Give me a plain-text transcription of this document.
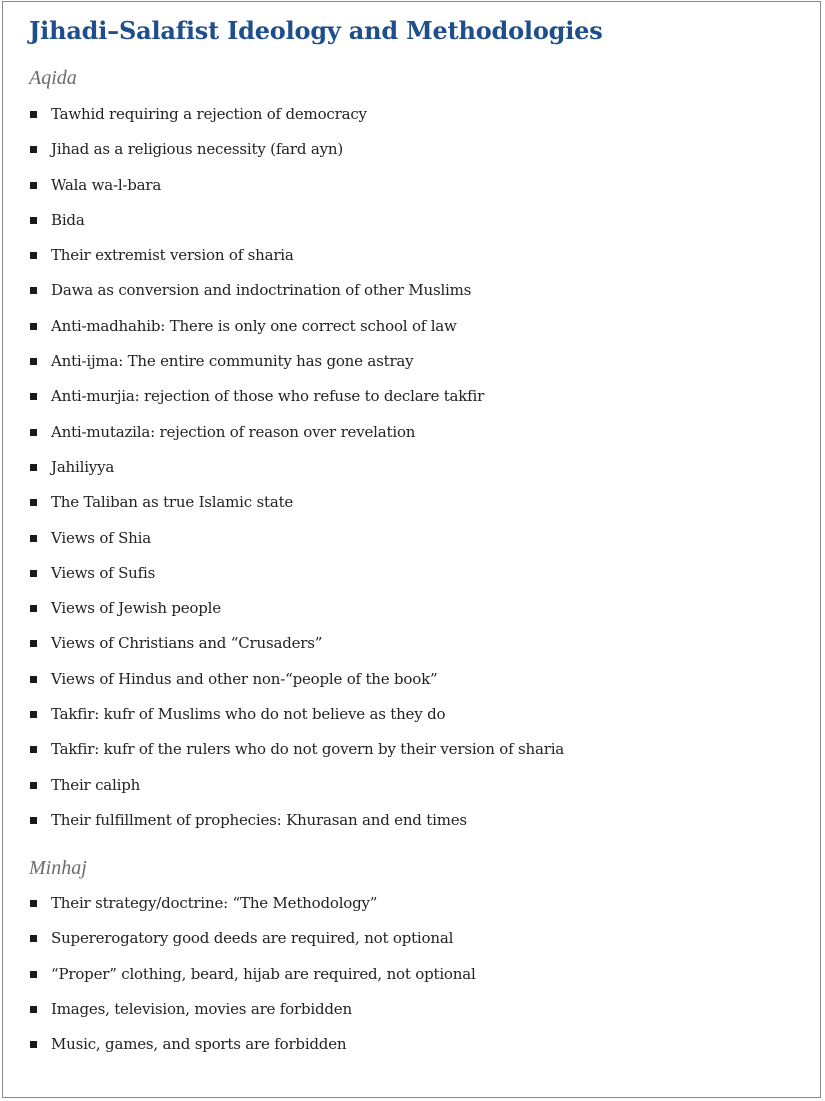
Jihadi–Salafist Ideology and Methodologies
Aqida
Tawhid requiring a rejection of democracy
Jihad as a religious necessity (fard ayn)
Wala wa-l-bara
Bida
Their extremist version of sharia
Dawa as conversion and indoctrination of other Muslims
Anti-madhahib: There is only one correct school of law
Anti-ijma: The entire community has gone astray
Anti-murjia: rejection of those who refuse to declare takfir
Anti-mutazila: rejection of reason over revelation
Jahiliyya
The Taliban as true Islamic state
Views of Shia
Views of Sufis
Views of Jewish people
Views of Christians and “Crusaders”
Views of Hindus and other non-“people of the book”
Takfir: kufr of Muslims who do not believe as they do
Takfir: kufr of the rulers who do not govern by their version of sharia
Their caliph
Their fulfillment of prophecies: Khurasan and end times
Minhaj
Their strategy/doctrine: “The Methodology”
Supererogatory good deeds are required, not optional
“Proper” clothing, beard, hijab are required, not optional
Images, television, movies are forbidden
Music, games, and sports are forbidden
